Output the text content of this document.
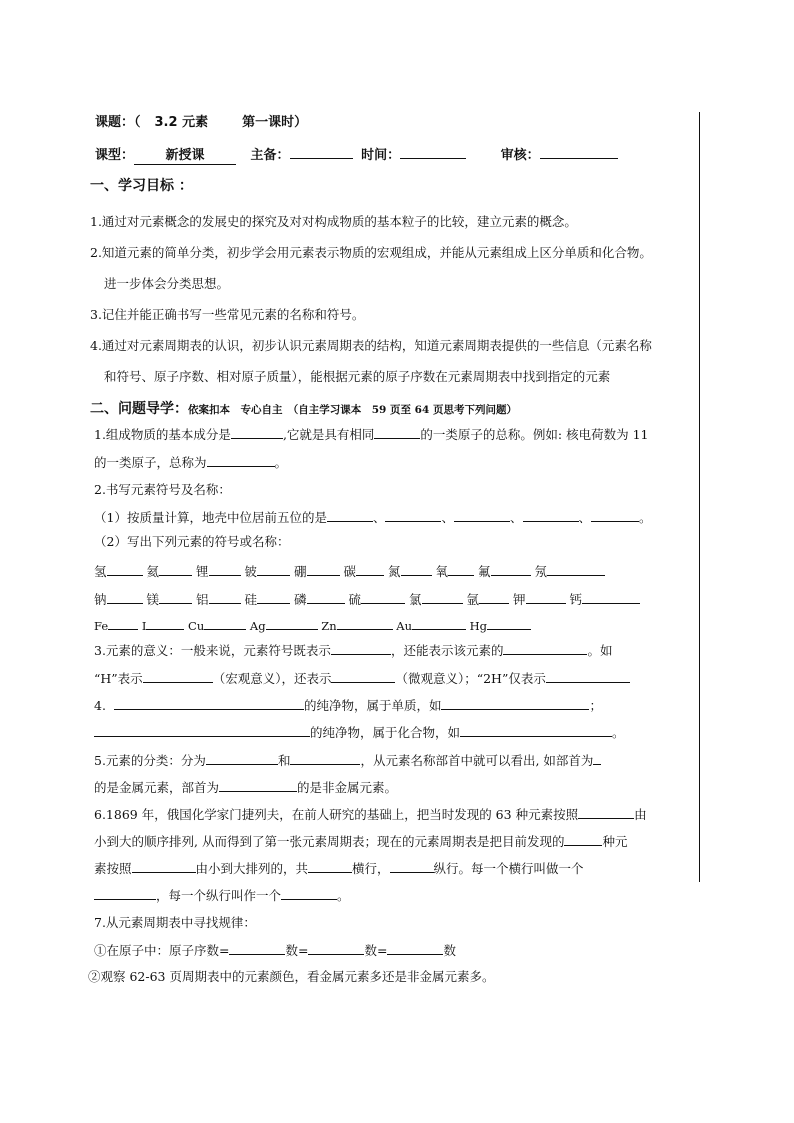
课题：（ 3.2 元素	第一课时）
课型： 新授课	主备：	时间：	审核：
一、学习目标 ：
1.通过对元素概念的发展史的探究及对对构成物质的基本粒子的比较，建立元素的概念。
2.知道元素的简单分类，初步学会用元素表示物质的宏观组成，并能从元素组成上区分单质和化合物。
进一步体会分类思想。
3.记住并能正确书写一些常见元素的名称和符号。
4.通过对元素周期表的认识，初步认识元素周期表的结构，知道元素周期表提供的一些信息（元素名称
和符号、原子序数、相对原子质量），能根据元素的原子序数在元素周期表中找到指定的元素
二、问题导学：依案扣本　专心自主　（自主学习课本　59 页至 64 页思考下列问题）
1.组成物质的基本成分是	,它就是具有相同	的一类原子的总称。例如: 核电荷数为 11
的一类原子，总称为	。
2.书写元素符号及名称：
（1）按质量计算，地壳中位居前五位的是	、	、	、	、	。
（2）写出下列元素的符号或名称：
氢	氦	锂	铍	硼	碳	氮	氧 氟	氖
钠	镁	铝	硅	磷	硫	氯	氩	钾	钙
Fe	I	Cu	Ag	Zn	Au	Hg
3.元素的意义：一般来说，元素符号既表示	，还能表示该元素的	。如
“H”表示	（宏观意义），还表示	（微观意义）；“2H”仅表示
4.	的纯净物，属于单质，如	；
的纯净物，属于化合物，如	。
5.元素的分类：分为	和	，从元素名称部首中就可以看出, 如部首为
的是金属元素，部首为	的是非金属元素。
6.1869 年，俄国化学家门捷列夫，在前人研究的基础上，把当时发现的 63 种元素按照	由
小到大的顺序排列, 从而得到了第一张元素周期表；现在的元素周期表是把目前发现的	种元
素按照	由小到大排列的，共	横行，	纵行。每一个横行叫做一个
，每一个纵行叫作一个	。
7.从元素周期表中寻找规律：
①在原子中：原子序数=	数=	数=	数
②观察 62-63 页周期表中的元素颜色，看金属元素多还是非金属元素多。
